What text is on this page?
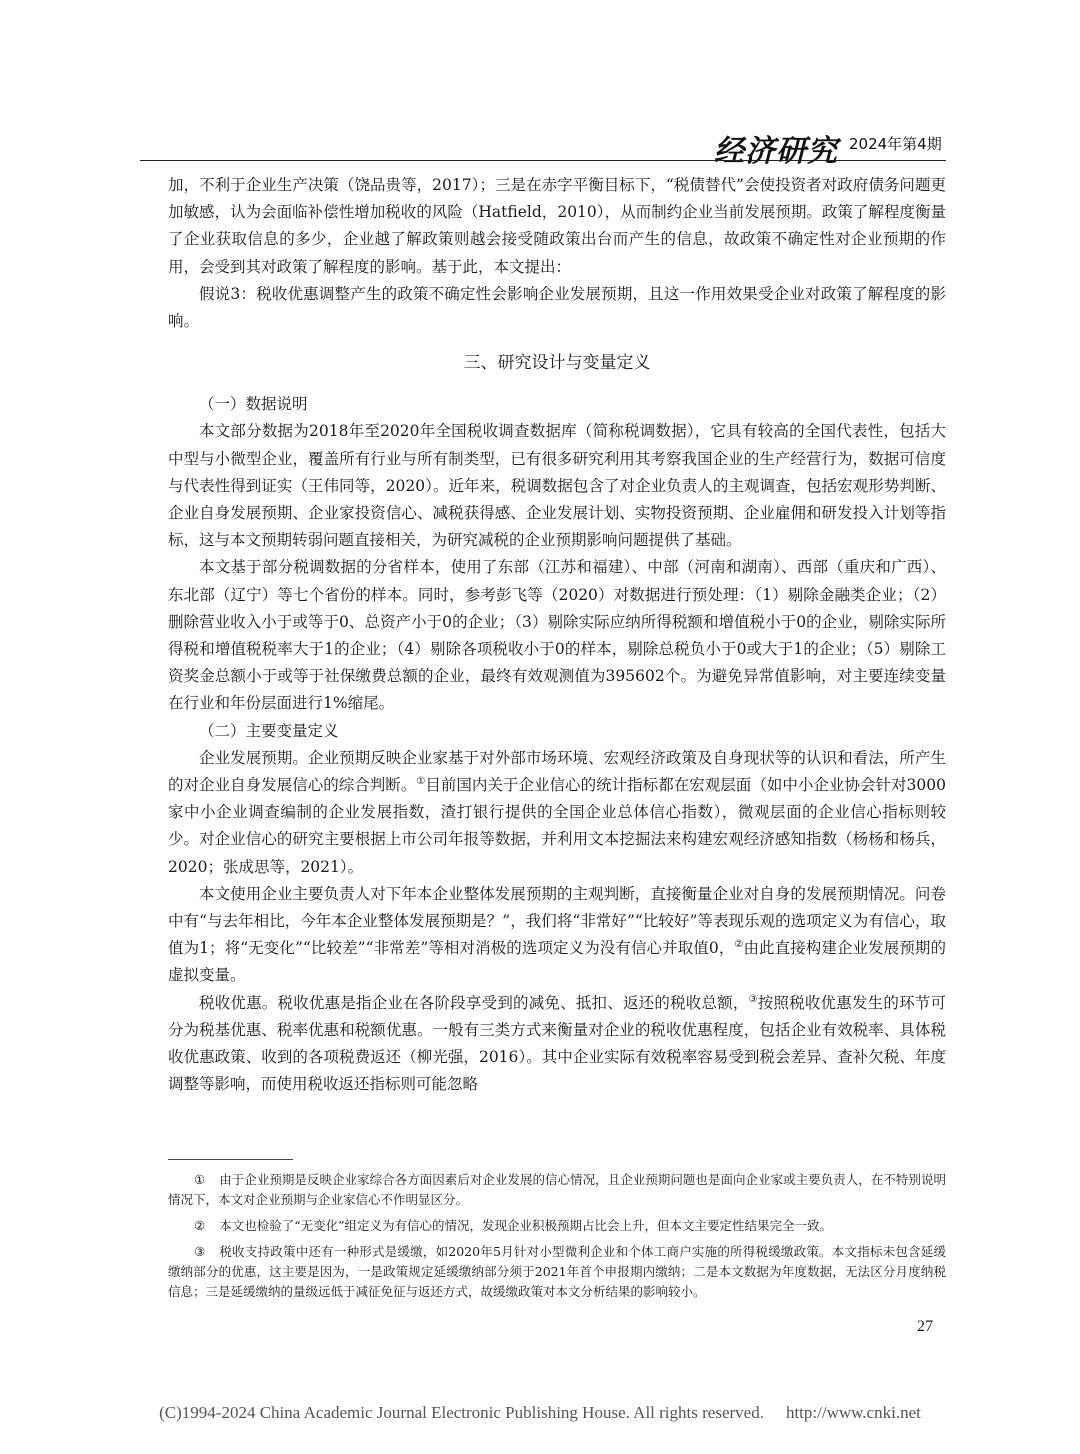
经济研究 2024年第4期

加，不利于企业生产决策（饶品贵等，2017）；三是在赤字平衡目标下，“税债替代”会使投资者对政府债务问题更加敏感，认为会面临补偿性增加税收的风险（Hatfield，2010），从而制约企业当前发展预期。政策了解程度衡量了企业获取信息的多少，企业越了解政策则越会接受随政策出台而产生的信息，故政策不确定性对企业预期的作用，会受到其对政策了解程度的影响。基于此，本文提出：

假说3：税收优惠调整产生的政策不确定性会影响企业发展预期，且这一作用效果受企业对政策了解程度的影响。

三、研究设计与变量定义

（一）数据说明

本文部分数据为2018年至2020年全国税收调查数据库（简称税调数据），它具有较高的全国代表性，包括大中型与小微型企业，覆盖所有行业与所有制类型，已有很多研究利用其考察我国企业的生产经营行为，数据可信度与代表性得到证实（王伟同等，2020）。近年来，税调数据包含了对企业负责人的主观调查，包括宏观形势判断、企业自身发展预期、企业家投资信心、减税获得感、企业发展计划、实物投资预期、企业雇佣和研发投入计划等指标，这与本文预期转弱问题直接相关，为研究减税的企业预期影响问题提供了基础。

本文基于部分税调数据的分省样本，使用了东部（江苏和福建）、中部（河南和湖南）、西部（重庆和广西）、东北部（辽宁）等七个省份的样本。同时，参考彭飞等（2020）对数据进行预处理：（1）剔除金融类企业；（2）删除营业收入小于或等于0、总资产小于0的企业；（3）剔除实际应纳所得税额和增值税小于0的企业，剔除实际所得税和增值税税率大于1的企业；（4）剔除各项税收小于0的样本，剔除总税负小于0或大于1的企业；（5）剔除工资奖金总额小于或等于社保缴费总额的企业，最终有效观测值为395602个。为避免异常值影响，对主要连续变量在行业和年份层面进行1%缩尾。

（二）主要变量定义

企业发展预期。企业预期反映企业家基于对外部市场环境、宏观经济政策及自身现状等的认识和看法，所产生的对企业自身发展信心的综合判断。①目前国内关于企业信心的统计指标都在宏观层面（如中小企业协会针对3000家中小企业调查编制的企业发展指数，渣打银行提供的全国企业总体信心指数），微观层面的企业信心指标则较少。对企业信心的研究主要根据上市公司年报等数据，并利用文本挖掘法来构建宏观经济感知指数（杨杨和杨兵，2020；张成思等，2021）。

本文使用企业主要负责人对下年本企业整体发展预期的主观判断，直接衡量企业对自身的发展预期情况。问卷中有“与去年相比，今年本企业整体发展预期是？”，我们将“非常好”“比较好”等表现乐观的选项定义为有信心，取值为1；将“无变化”“比较差”“非常差”等相对消极的选项定义为没有信心并取值0，②由此直接构建企业发展预期的虚拟变量。

税收优惠。税收优惠是指企业在各阶段享受到的减免、抵扣、返还的税收总额，③按照税收优惠发生的环节可分为税基优惠、税率优惠和税额优惠。一般有三类方式来衡量对企业的税收优惠程度，包括企业有效税率、具体税收优惠政策、收到的各项税费返还（柳光强，2016）。其中企业实际有效税率容易受到税会差异、查补欠税、年度调整等影响，而使用税收返还指标则可能忽略

① 由于企业预期是反映企业家综合各方面因素后对企业发展的信心情况，且企业预期问题也是面向企业家或主要负责人，在不特别说明情况下，本文对企业预期与企业家信心不作明显区分。

② 本文也检验了“无变化”组定义为有信心的情况，发现企业积极预期占比会上升，但本文主要定性结果完全一致。

③ 税收支持政策中还有一种形式是缓缴，如2020年5月针对小型微利企业和个体工商户实施的所得税缓缴政策。本文指标未包含延缓缴纳部分的优惠，这主要是因为，一是政策规定延缓缴纳部分须于2021年首个申报期内缴纳；二是本文数据为年度数据，无法区分月度纳税信息；三是延缓缴纳的量级远低于减征免征与返还方式，故缓缴政策对本文分析结果的影响较小。

27
(C)1994-2024 China Academic Journal Electronic Publishing House. All rights reserved. http://www.cnki.net
